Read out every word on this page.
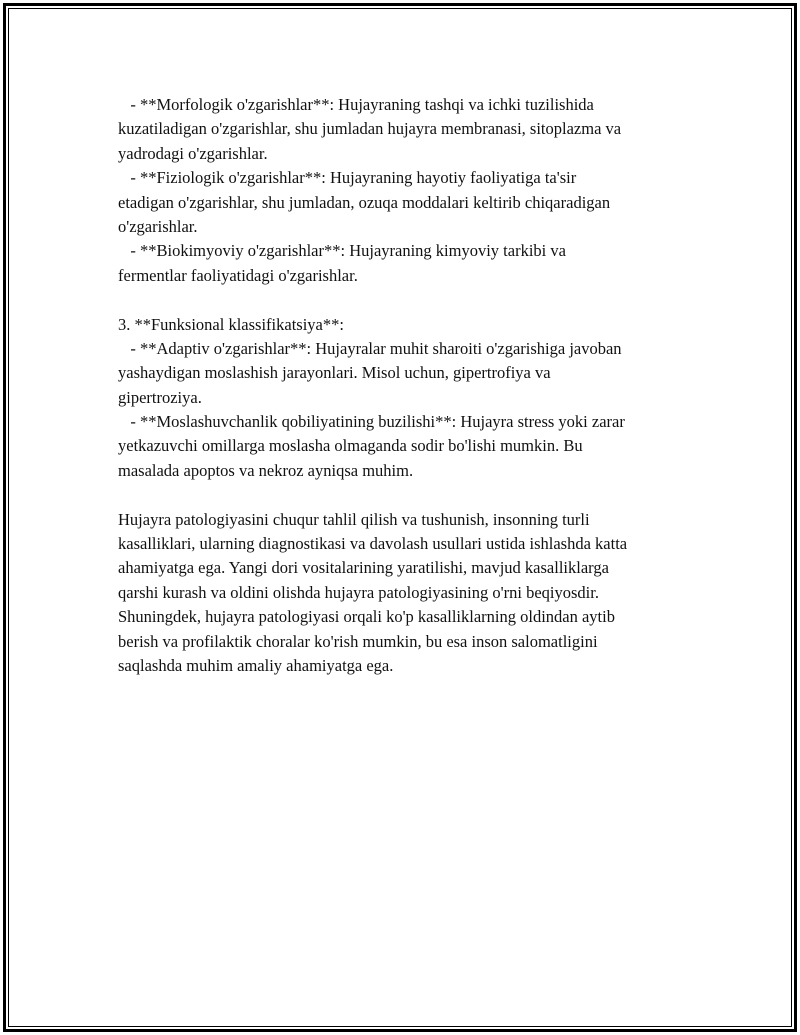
- **Morfologik o'zgarishlar**: Hujayraning tashqi va ichki tuzilishida
kuzatiladigan o'zgarishlar, shu jumladan hujayra membranasi, sitoplazma va
yadrodagi o'zgarishlar.
- **Fiziologik o'zgarishlar**: Hujayraning hayotiy faoliyatiga ta'sir
etadigan o'zgarishlar, shu jumladan, ozuqa moddalari keltirib chiqaradigan
o'zgarishlar.
- **Biokimyoviy o'zgarishlar**: Hujayraning kimyoviy tarkibi va
fermentlar faoliyatidagi o'zgarishlar.
3. **Funksional klassifikatsiya**:
- **Adaptiv o'zgarishlar**: Hujayralar muhit sharoiti o'zgarishiga javoban
yashaydigan moslashish jarayonlari. Misol uchun, gipertrofiya va
gipertroziya.
- **Moslashuvchanlik qobiliyatining buzilishi**: Hujayra stress yoki zarar
yetkazuvchi omillarga moslasha olmaganda sodir bo'lishi mumkin. Bu
masalada apoptos va nekroz ayniqsa muhim.
Hujayra patologiyasini chuqur tahlil qilish va tushunish, insonning turli
kasalliklari, ularning diagnostikasi va davolash usullari ustida ishlashda katta
ahamiyatga ega. Yangi dori vositalarining yaratilishi, mavjud kasalliklarga
qarshi kurash va oldini olishda hujayra patologiyasining o'rni beqiyosdir.
Shuningdek, hujayra patologiyasi orqali ko'p kasalliklarning oldindan aytib
berish va profilaktik choralar ko'rish mumkin, bu esa inson salomatligini
saqlashda muhim amaliy ahamiyatga ega.
